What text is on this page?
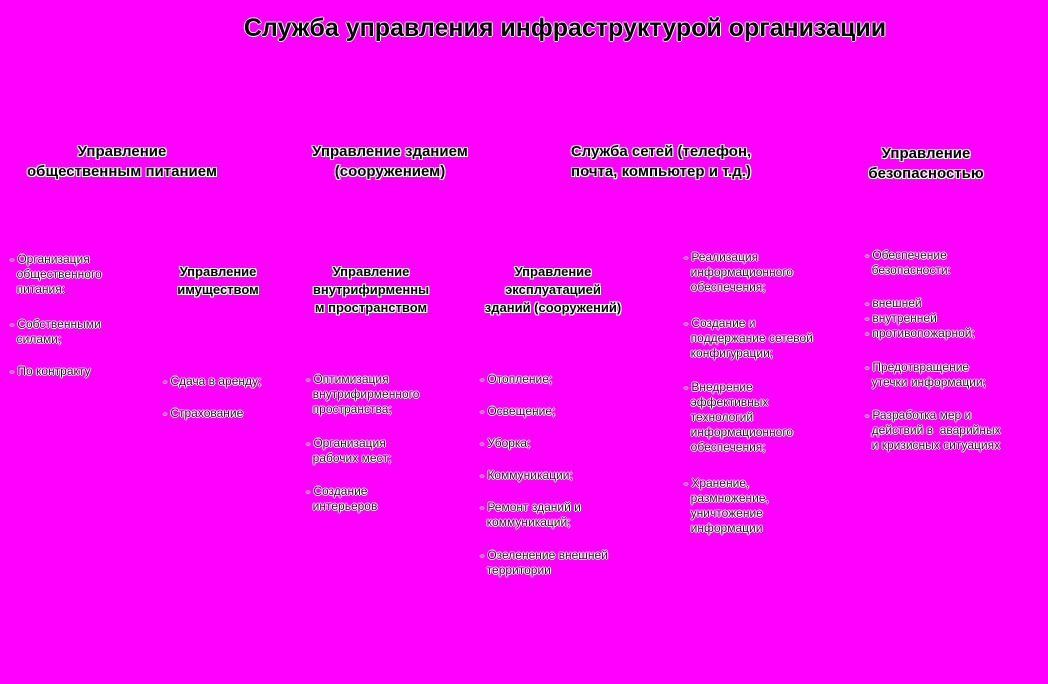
Служба управления инфраструктурой организации
Управление
общественным питанием
Управление зданием
(сооружением)
Служба сетей (телефон,
почта, компьютер и т.д.)
Управление
безопасностью
Управление
имуществом
Управление
внутрифирменны
м пространством
Управление
эксплуатацией
зданий (сооружений)
- Организация
общественного
питания:
- Собственными
силами;
- По контракту
- Сдача в аренду;
- Страхование
- Оптимизация
внутрифирменного
пространства;
- Организация
рабочих мест;
- Создание
интерьеров
- Отопление;
- Освещение;
- Уборка;
- Коммуникации;
- Ремонт зданий и
коммуникаций;
- Озеленение внешней
территории
- Реализация
информационного
обеспечения;
- Создание и
поддержание сетевой
конфигурации;
- Внедрение
эффективных
технологий
информационного
обеспечения;
- Хранение,
размножение,
уничтожение
информации
- Обеспечение
безопасности:
- внешней
- внутренней
- противопожарной;
- Предотвращение
утечки информации;
- Разработка мер и
действий в  аварийных
и кризисных ситуациях
